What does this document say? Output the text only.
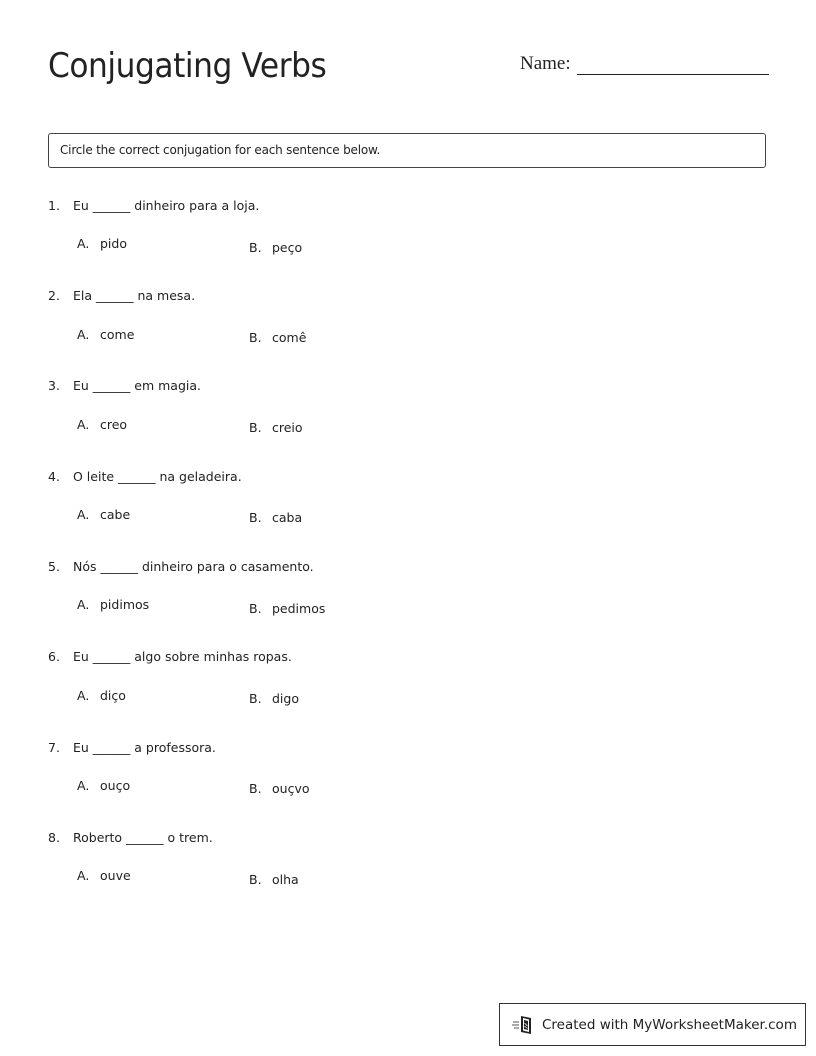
Conjugating Verbs	Name:
Circle the correct conjugation for each sentence below.
1. Eu ______ dinheiro para a loja.
A. pido	B. peço
2. Ela ______ na mesa.
A. come	B. comê
3. Eu ______ em magia.
A. creo	B. creio
4. O leite ______ na geladeira.
A. cabe	B. caba
5. Nós ______ dinheiro para o casamento.
A. pidimos	B. pedimos
6. Eu ______ algo sobre minhas ropas.
A. diço	B. digo
7. Eu ______ a professora.
A. ouço	B. ouçvo
8. Roberto ______ o trem.
A. ouve	B. olha
Created with MyWorksheetMaker.com
